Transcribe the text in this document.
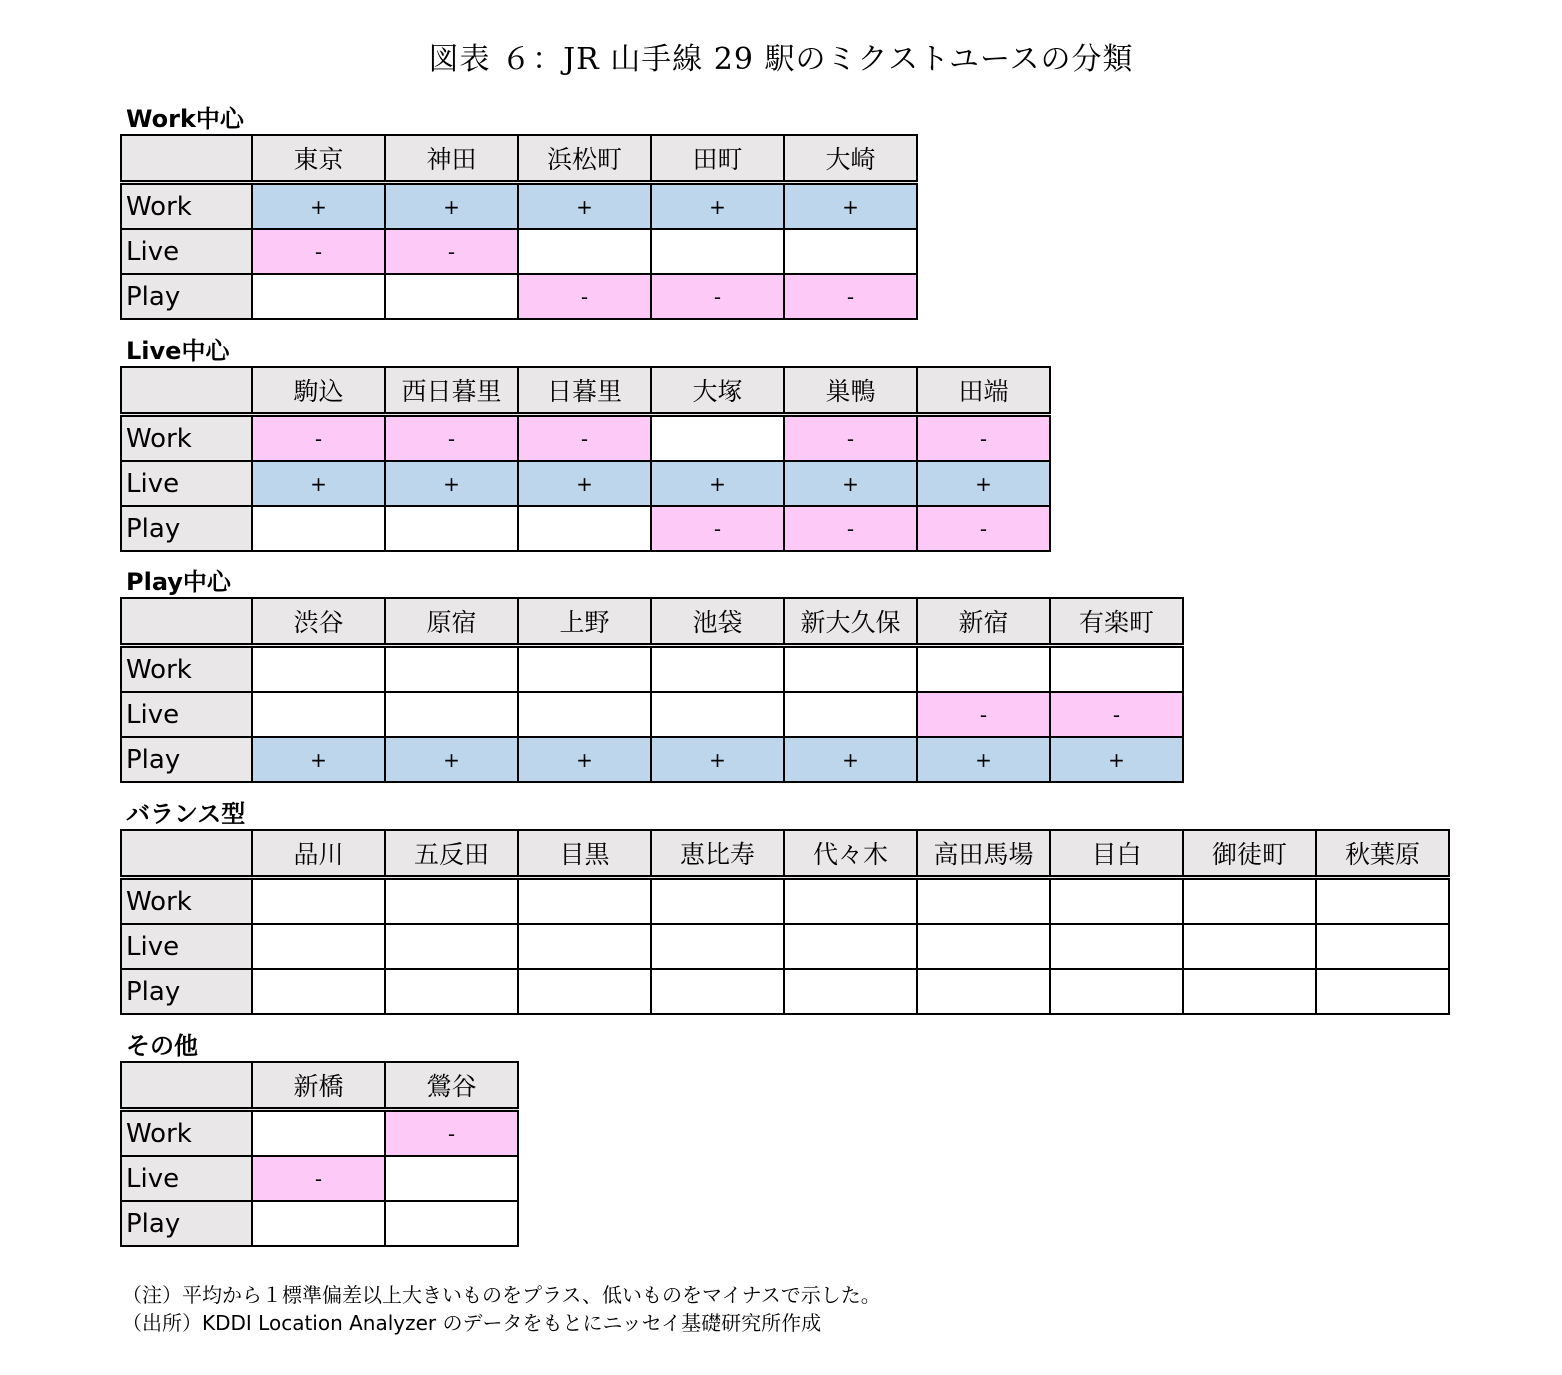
図表 ６：JR 山手線 29 駅のミクストユースの分類
Work中心
	東京	神田	浜松町	田町	大崎
Work	+	+	+	+	+
Live	-	-			
Play			-	-	-
Live中心
	駒込	西日暮里	日暮里	大塚	巣鴨	田端
Work	-	-	-		-	-
Live	+	+	+	+	+	+
Play				-	-	-
Play中心
	渋谷	原宿	上野	池袋	新大久保	新宿	有楽町
Work							
Live						-	-
Play	+	+	+	+	+	+	+
バランス型
	品川	五反田	目黒	恵比寿	代々木	高田馬場	目白	御徒町	秋葉原
Work									
Live									
Play									
その他
	新橋	鶯谷
Work		-
Live	-	
Play		
（注）平均から１標準偏差以上大きいものをプラス、低いものをマイナスで示した。
（出所）KDDI Location Analyzer のデータをもとにニッセイ基礎研究所作成
